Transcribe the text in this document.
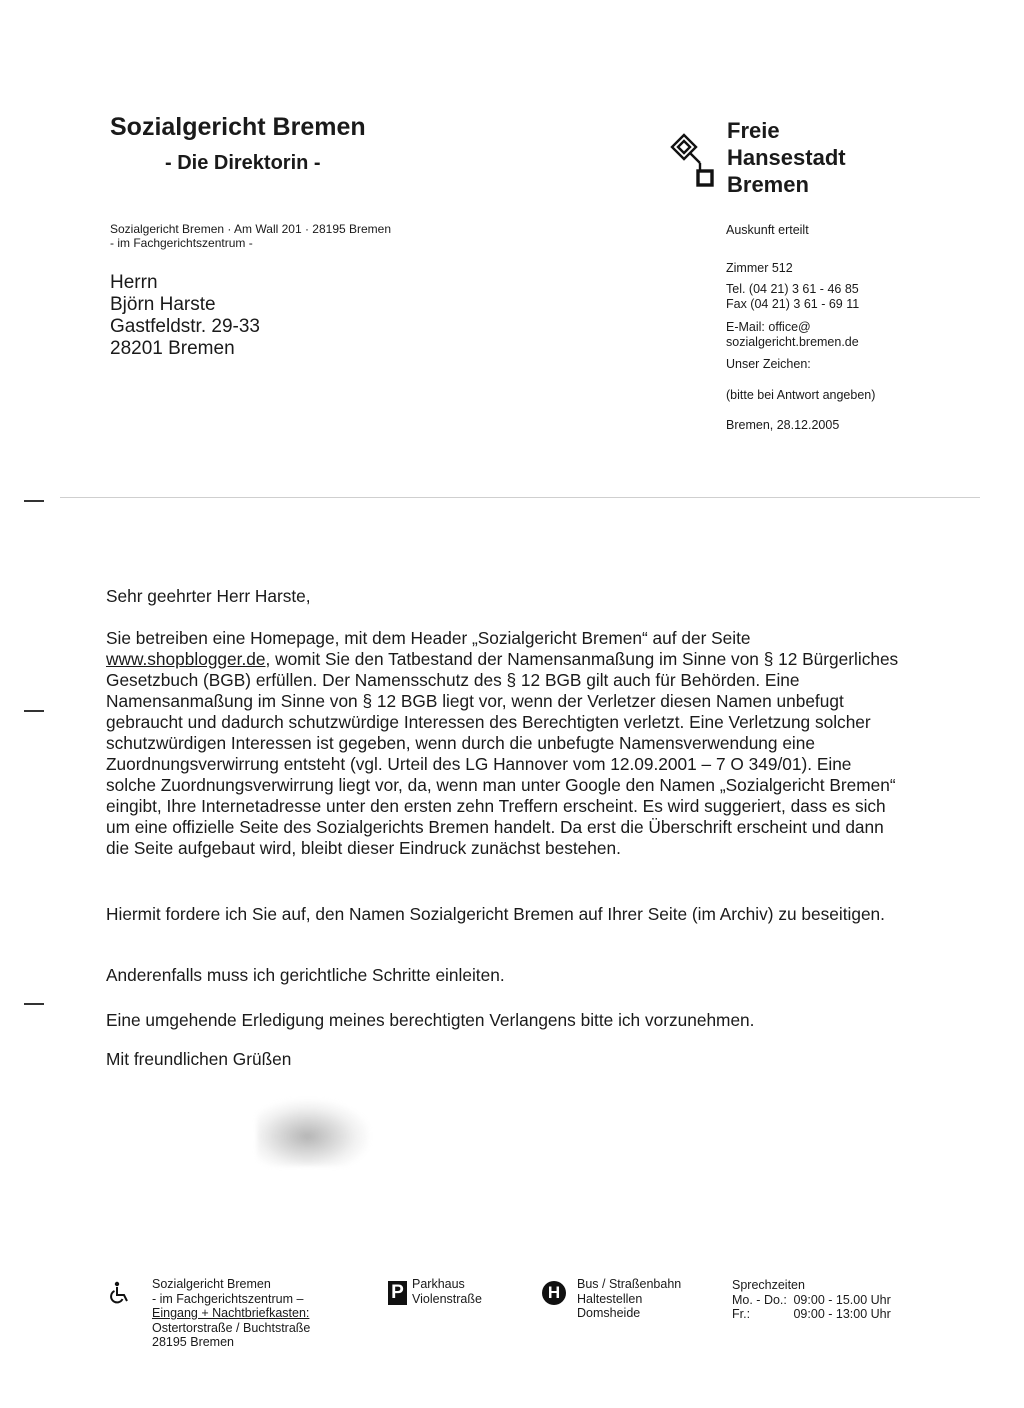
Sozialgericht Bremen
- Die Direktorin -
Freie
Hansestadt
Bremen
Sozialgericht Bremen · Am Wall 201 · 28195 Bremen
- im Fachgerichtszentrum -
Herrn
Björn Harste
Gastfeldstr. 29-33
28201 Bremen
Auskunft erteilt
Zimmer 512
Tel. (04 21) 3 61 - 46 85
Fax (04 21) 3 61 - 69 11
E-Mail: office@
sozialgericht.bremen.de
Unser Zeichen:
(bitte bei Antwort angeben)
Bremen, 28.12.2005
Sehr geehrter Herr Harste,

Sie betreiben eine Homepage, mit dem Header „Sozialgericht Bremen“ auf der Seite
www.shopblogger.de, womit Sie den Tatbestand der Namensanmaßung im Sinne von § 12 Bürgerliches Gesetzbuch (BGB) erfüllen. Der Namensschutz des § 12 BGB gilt auch für Behörden. Eine Namensanmaßung im Sinne von § 12 BGB liegt vor, wenn der Verletzer diesen Namen unbefugt gebraucht und dadurch schutzwürdige Interessen des Berechtigten verletzt. Eine Verletzung solcher schutzwürdigen Interessen ist gegeben, wenn durch die unbefugte Namensverwendung eine Zuordnungsverwirrung entsteht (vgl. Urteil des LG Hannover vom 12.09.2001 – 7 O 349/01). Eine solche Zuordnungsverwirrung liegt vor, da, wenn man unter Google den Namen „Sozialgericht Bremen“ eingibt, Ihre Internetadresse unter den ersten zehn Treffern erscheint. Es wird suggeriert, dass es sich um eine offizielle Seite des Sozialgerichts Bremen handelt. Da erst die Überschrift erscheint und dann die Seite aufgebaut wird, bleibt dieser Eindruck zunächst bestehen.

Hiermit fordere ich Sie auf, den Namen Sozialgericht Bremen auf Ihrer Seite (im Archiv) zu beseitigen.
Anderenfalls muss ich gerichtliche Schritte einleiten.
Eine umgehende Erledigung meines berechtigten Verlangens bitte ich vorzunehmen.
Mit freundlichen Grüßen
Sozialgericht Bremen
- im Fachgerichtszentrum –
Eingang + Nachtbriefkasten:
Ostertorstraße / Buchtstraße
28195 Bremen
P Parkhaus
Violenstraße	H	Bus / Straßenbahn
Haltestellen
Domsheide
Sprechzeiten
Mo. - Do.: 09:00 - 15.00 Uhr
Fr.:	09:00 - 13:00 Uhr
